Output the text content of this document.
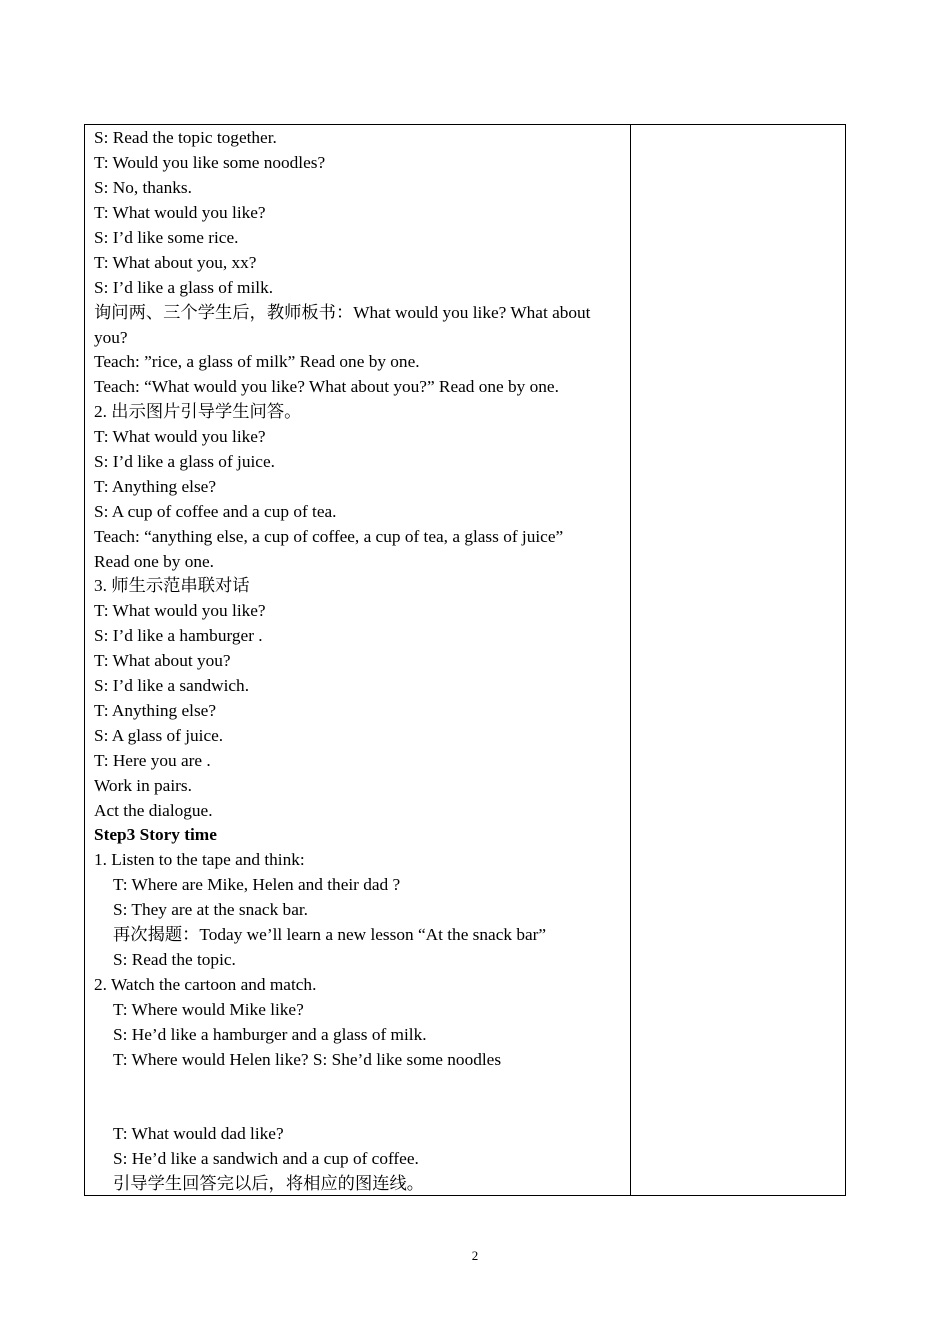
S: Read the topic together.
T: Would you like some noodles?
S: No, thanks.
T: What would you like?
S: I’d like some rice.
T: What about you, xx?
S: I’d like a glass of milk.
询问两、三个学生后，教师板书：What would you like? What about
you?
Teach: ”rice, a glass of milk” Read one by one.
Teach: “What would you like? What about you?” Read one by one.
2. 出示图片引导学生问答。
T: What would you like?
S: I’d like a glass of juice.
T: Anything else?
S: A cup of coffee and a cup of tea.
Teach: “anything else, a cup of coffee, a cup of tea, a glass of juice”
Read one by one.
3. 师生示范串联对话
T: What would you like?
S: I’d like a hamburger .
T: What about you?
S: I’d like a sandwich.
T: Anything else?
S: A glass of juice.
T: Here you are .
Work in pairs.
Act the dialogue.
Step3 Story time
1. Listen to the tape and think:
T: Where are Mike, Helen and their dad ?
S: They are at the snack bar.
再次揭题：Today we’ll learn a new lesson “At the snack bar”
S: Read the topic.
2. Watch the cartoon and match.
T: Where would Mike like?
S: He’d like a hamburger and a glass of milk.
T: Where would Helen like? S: She’d like some noodles
T: What would dad like?
S: He’d like a sandwich and a cup of coffee.
引导学生回答完以后，将相应的图连线。
2
